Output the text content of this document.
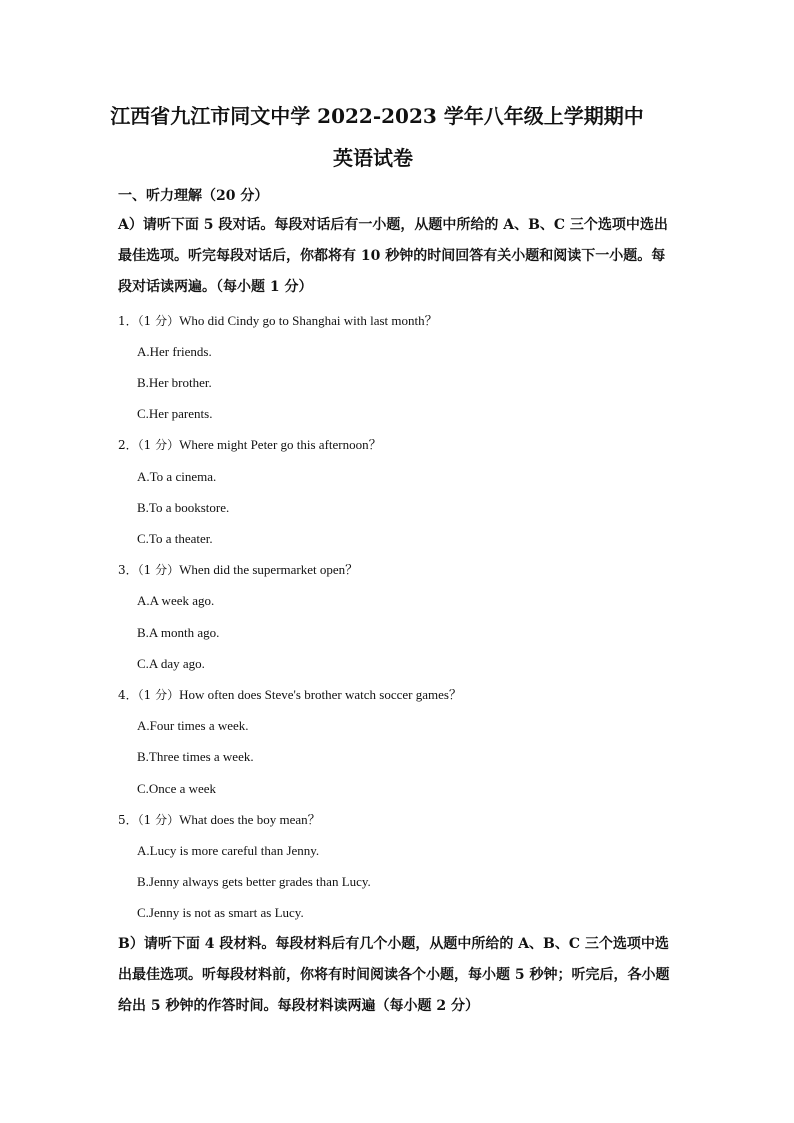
江西省九江市同文中学 2022-2023 学年八年级上学期期中
英语试卷
一、听力理解（20 分）
A）请听下面 5 段对话。每段对话后有一小题，从题中所给的 A、B、C 三个选项中选出最佳选项。听完每段对话后，你都将有 10 秒钟的时间回答有关小题和阅读下一小题。每段对话读两遍。（每小题 1 分）
1．（1 分）Who did Cindy go to Shanghai with last month？
A.Her friends.
B.Her brother.
C.Her parents.
2．（1 分）Where might Peter go this afternoon？
A.To a cinema.
B.To a bookstore.
C.To a theater.
3．（1 分）When did the supermarket open？
A.A week ago.
B.A month ago.
C.A day ago.
4．（1 分）How often does Steve's brother watch soccer games？
A.Four times a week.
B.Three times a week.
C.Once a week
5．（1 分）What does the boy mean？
A.Lucy is more careful than Jenny.
B.Jenny always gets better grades than Lucy.
C.Jenny is not as smart as Lucy.
B）请听下面 4 段材料。每段材料后有几个小题，从题中所给的 A、B、C 三个选项中选出最佳选项。听每段材料前，你将有时间阅读各个小题，每小题 5 秒钟；听完后，各小题给出 5 秒钟的作答时间。每段材料读两遍（每小题 2 分）
